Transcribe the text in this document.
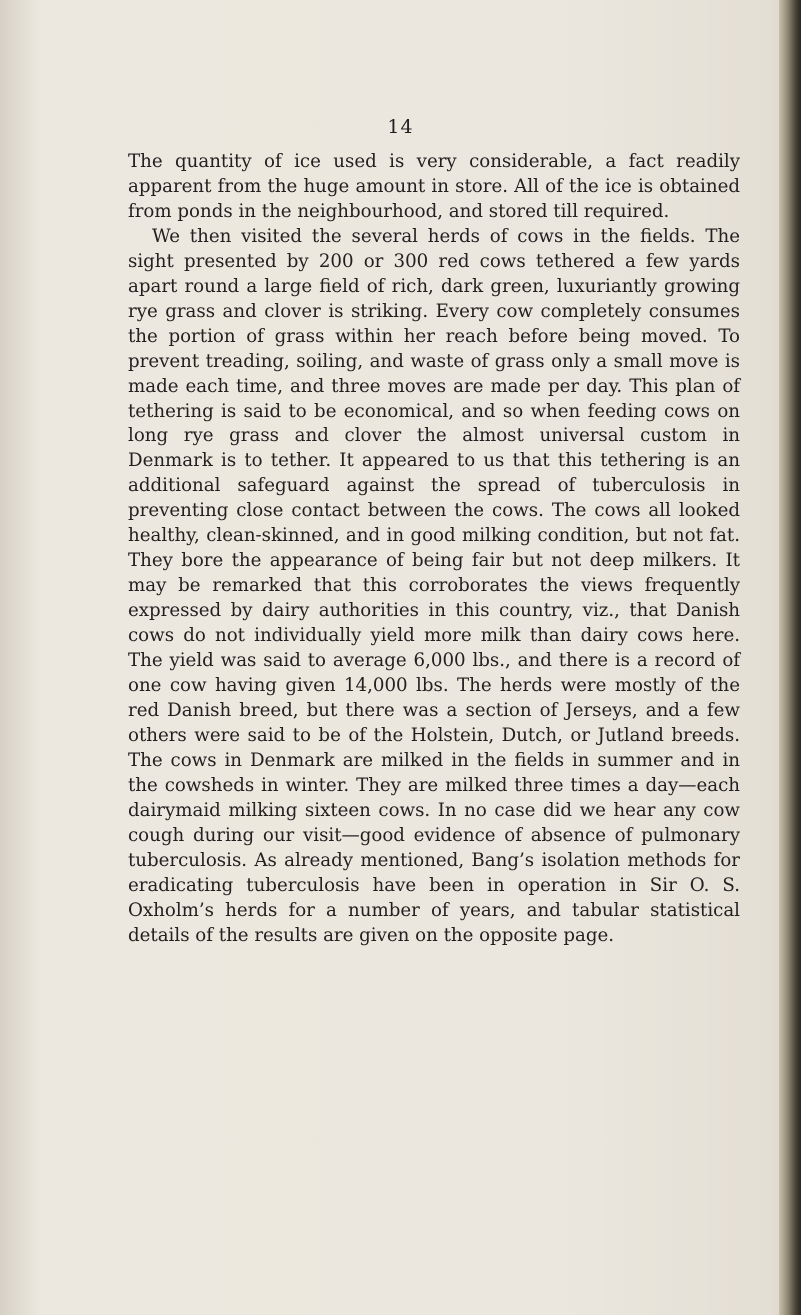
14

The quantity of ice used is very considerable, a fact readily apparent from the huge amount in store. All of the ice is obtained from ponds in the neighbourhood, and stored till required.

We then visited the several herds of cows in the fields. The sight presented by 200 or 300 red cows tethered a few yards apart round a large field of rich, dark green, luxuriantly growing rye grass and clover is striking. Every cow completely consumes the portion of grass within her reach before being moved. To prevent treading, soiling, and waste of grass only a small move is made each time, and three moves are made per day. This plan of tethering is said to be economical, and so when feeding cows on long rye grass and clover the almost universal custom in Denmark is to tether. It appeared to us that this tethering is an additional safeguard against the spread of tuberculosis in preventing close contact between the cows. The cows all looked healthy, clean-skinned, and in good milking condition, but not fat. They bore the appearance of being fair but not deep milkers. It may be remarked that this corroborates the views frequently expressed by dairy authorities in this country, viz., that Danish cows do not individually yield more milk than dairy cows here. The yield was said to average 6,000 lbs., and there is a record of one cow having given 14,000 lbs. The herds were mostly of the red Danish breed, but there was a section of Jerseys, and a few others were said to be of the Holstein, Dutch, or Jutland breeds. The cows in Denmark are milked in the fields in summer and in the cowsheds in winter. They are milked three times a day—each dairymaid milking sixteen cows. In no case did we hear any cow cough during our visit—good evidence of absence of pulmonary tuberculosis. As already mentioned, Bang’s isolation methods for eradicating tuberculosis have been in operation in Sir O. S. Oxholm’s herds for a number of years, and tabular statistical details of the results are given on the opposite page.
